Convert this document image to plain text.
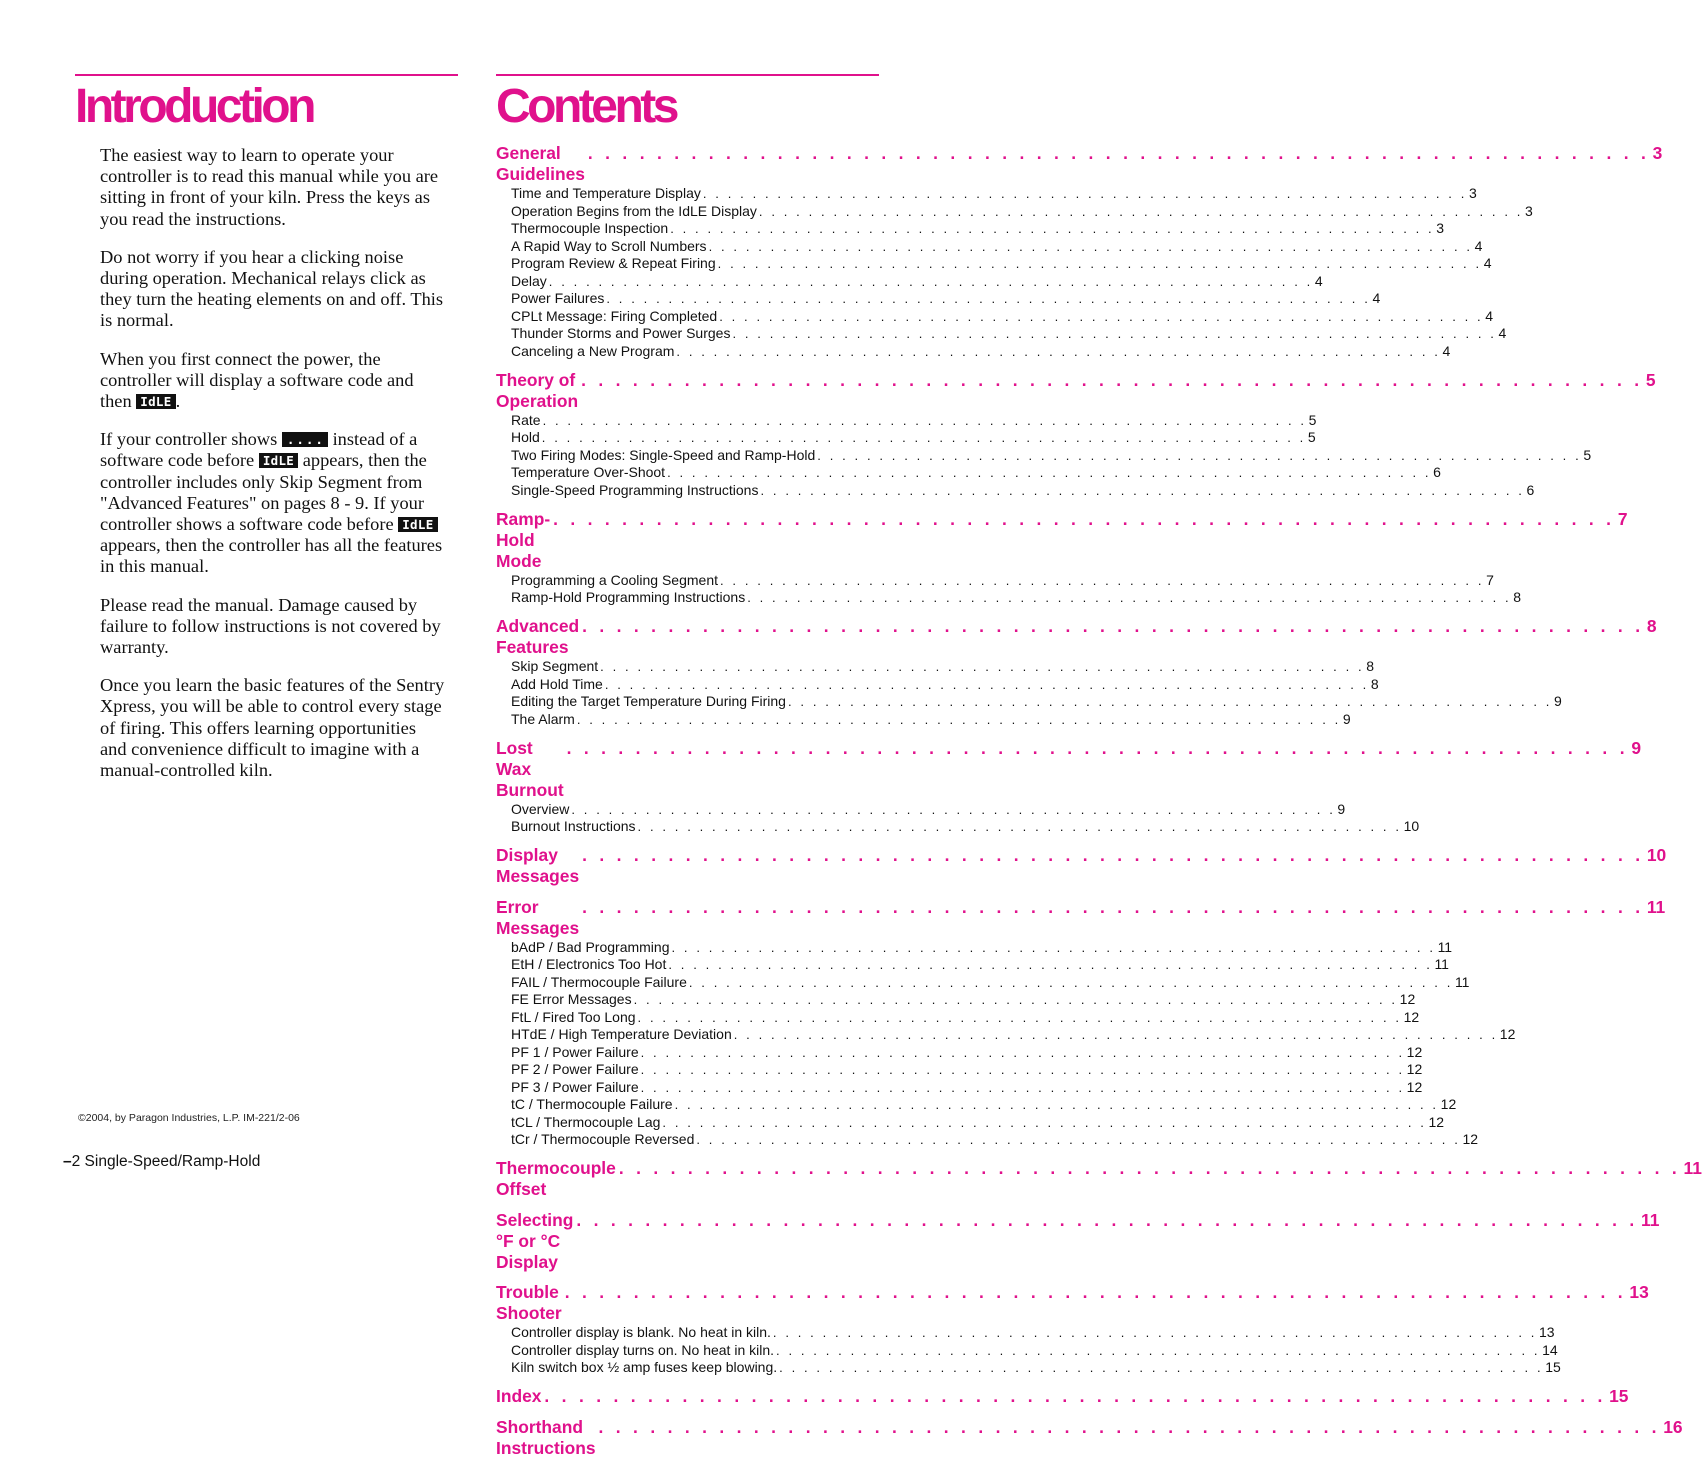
Introduction

The easiest way to learn to operate your controller is to read this manual while you are sitting in front of your kiln. Press the keys as you read the instructions.

Do not worry if you hear a clicking noise during operation. Mechanical relays click as they turn the heating elements on and off. This is normal.

When you first connect the power, the controller will display a software code and then IdLE .

If your controller shows .... instead of a software code before IdLE appears, then the controller includes only Skip Segment from "Advanced Features" on pages 8 - 9. If your controller shows a software code before IdLE appears, then the controller has all the features in this manual.

Please read the manual. Damage caused by failure to follow instructions is not covered by warranty.

Once you learn the basic features of the Sentry Xpress, you will be able to control every stage of firing. This offers learning opportunities and convenience difficult to imagine with a manual-controlled kiln.

©2004, by Paragon Industries, L.P. IM-221/2-06
–2 Single-Speed/Ramp-Hold
Contents
General Guidelines
. . . . . . . . . . . . . . . . . . . . . . . . . . . . . . . . . . . . . . . . . . . . . . . . . . . . . . . . . . . . . . 3
Time and Temperature Display . . . . . . . . . . . . . . . . . . . . . . . . . . . . . . . . . . . . . . . . . . . . . . . . . . . . . . . . . . . . . . 3
Operation Begins from the IdLE Display . . . . . . . . . . . . . . . . . . . . . . . . . . . . . . . . . . . . . . . . . . . . . . . . . . . . . . . . . . . . . . 3
Thermocouple Inspection . . . . . . . . . . . . . . . . . . . . . . . . . . . . . . . . . . . . . . . . . . . . . . . . . . . . . . . . . . . . . . 3
A Rapid Way to Scroll Numbers . . . . . . . . . . . . . . . . . . . . . . . . . . . . . . . . . . . . . . . . . . . . . . . . . . . . . . . . . . . . . . 4
Program Review & Repeat Firing . . . . . . . . . . . . . . . . . . . . . . . . . . . . . . . . . . . . . . . . . . . . . . . . . . . . . . . . . . . . . . 4
Delay . . . . . . . . . . . . . . . . . . . . . . . . . . . . . . . . . . . . . . . . . . . . . . . . . . . . . . . . . . . . . . 4
Power Failures . . . . . . . . . . . . . . . . . . . . . . . . . . . . . . . . . . . . . . . . . . . . . . . . . . . . . . . . . . . . . . 4
CPLt Message: Firing Completed . . . . . . . . . . . . . . . . . . . . . . . . . . . . . . . . . . . . . . . . . . . . . . . . . . . . . . . . . . . . . . 4
Thunder Storms and Power Surges . . . . . . . . . . . . . . . . . . . . . . . . . . . . . . . . . . . . . . . . . . . . . . . . . . . . . . . . . . . . . . 4
Canceling a New Program . . . . . . . . . . . . . . . . . . . . . . . . . . . . . . . . . . . . . . . . . . . . . . . . . . . . . . . . . . . . . . 4
Theory of Operation
. . . . . . . . . . . . . . . . . . . . . . . . . . . . . . . . . . . . . . . . . . . . . . . . . . . . . . . . . . . . . . 5
Rate . . . . . . . . . . . . . . . . . . . . . . . . . . . . . . . . . . . . . . . . . . . . . . . . . . . . . . . . . . . . . . 5
Hold . . . . . . . . . . . . . . . . . . . . . . . . . . . . . . . . . . . . . . . . . . . . . . . . . . . . . . . . . . . . . . 5
Two Firing Modes: Single-Speed and Ramp-Hold . . . . . . . . . . . . . . . . . . . . . . . . . . . . . . . . . . . . . . . . . . . . . . . . . . . . . . . . . . . . . . 5
Temperature Over-Shoot . . . . . . . . . . . . . . . . . . . . . . . . . . . . . . . . . . . . . . . . . . . . . . . . . . . . . . . . . . . . . . 6
Single-Speed Programming Instructions . . . . . . . . . . . . . . . . . . . . . . . . . . . . . . . . . . . . . . . . . . . . . . . . . . . . . . . . . . . . . . 6
Ramp-Hold Mode
. . . . . . . . . . . . . . . . . . . . . . . . . . . . . . . . . . . . . . . . . . . . . . . . . . . . . . . . . . . . . . 7
Programming a Cooling Segment . . . . . . . . . . . . . . . . . . . . . . . . . . . . . . . . . . . . . . . . . . . . . . . . . . . . . . . . . . . . . . 7
Ramp-Hold Programming Instructions . . . . . . . . . . . . . . . . . . . . . . . . . . . . . . . . . . . . . . . . . . . . . . . . . . . . . . . . . . . . . . 8
Advanced Features
. . . . . . . . . . . . . . . . . . . . . . . . . . . . . . . . . . . . . . . . . . . . . . . . . . . . . . . . . . . . . . 8
Skip Segment . . . . . . . . . . . . . . . . . . . . . . . . . . . . . . . . . . . . . . . . . . . . . . . . . . . . . . . . . . . . . . 8
Add Hold Time . . . . . . . . . . . . . . . . . . . . . . . . . . . . . . . . . . . . . . . . . . . . . . . . . . . . . . . . . . . . . . 8
Editing the Target Temperature During Firing . . . . . . . . . . . . . . . . . . . . . . . . . . . . . . . . . . . . . . . . . . . . . . . . . . . . . . . . . . . . . . 9
The Alarm . . . . . . . . . . . . . . . . . . . . . . . . . . . . . . . . . . . . . . . . . . . . . . . . . . . . . . . . . . . . . . 9
Lost Wax Burnout
. . . . . . . . . . . . . . . . . . . . . . . . . . . . . . . . . . . . . . . . . . . . . . . . . . . . . . . . . . . . . . 9
Overview . . . . . . . . . . . . . . . . . . . . . . . . . . . . . . . . . . . . . . . . . . . . . . . . . . . . . . . . . . . . . . 9
Burnout Instructions . . . . . . . . . . . . . . . . . . . . . . . . . . . . . . . . . . . . . . . . . . . . . . . . . . . . . . . . . . . . . . 10
Display Messages
. . . . . . . . . . . . . . . . . . . . . . . . . . . . . . . . . . . . . . . . . . . . . . . . . . . . . . . . . . . . . . 10
Error Messages
. . . . . . . . . . . . . . . . . . . . . . . . . . . . . . . . . . . . . . . . . . . . . . . . . . . . . . . . . . . . . . 11
bAdP / Bad Programming . . . . . . . . . . . . . . . . . . . . . . . . . . . . . . . . . . . . . . . . . . . . . . . . . . . . . . . . . . . . . . 11
EtH / Electronics Too Hot . . . . . . . . . . . . . . . . . . . . . . . . . . . . . . . . . . . . . . . . . . . . . . . . . . . . . . . . . . . . . . 11
FAIL / Thermocouple Failure . . . . . . . . . . . . . . . . . . . . . . . . . . . . . . . . . . . . . . . . . . . . . . . . . . . . . . . . . . . . . . 11
FE Error Messages . . . . . . . . . . . . . . . . . . . . . . . . . . . . . . . . . . . . . . . . . . . . . . . . . . . . . . . . . . . . . . 12
FtL / Fired Too Long . . . . . . . . . . . . . . . . . . . . . . . . . . . . . . . . . . . . . . . . . . . . . . . . . . . . . . . . . . . . . . 12
HTdE / High Temperature Deviation . . . . . . . . . . . . . . . . . . . . . . . . . . . . . . . . . . . . . . . . . . . . . . . . . . . . . . . . . . . . . . 12
PF 1 / Power Failure . . . . . . . . . . . . . . . . . . . . . . . . . . . . . . . . . . . . . . . . . . . . . . . . . . . . . . . . . . . . . . 12
PF 2 / Power Failure . . . . . . . . . . . . . . . . . . . . . . . . . . . . . . . . . . . . . . . . . . . . . . . . . . . . . . . . . . . . . . 12
PF 3 / Power Failure . . . . . . . . . . . . . . . . . . . . . . . . . . . . . . . . . . . . . . . . . . . . . . . . . . . . . . . . . . . . . . 12
tC / Thermocouple Failure . . . . . . . . . . . . . . . . . . . . . . . . . . . . . . . . . . . . . . . . . . . . . . . . . . . . . . . . . . . . . . 12
tCL / Thermocouple Lag . . . . . . . . . . . . . . . . . . . . . . . . . . . . . . . . . . . . . . . . . . . . . . . . . . . . . . . . . . . . . . 12
tCr / Thermocouple Reversed . . . . . . . . . . . . . . . . . . . . . . . . . . . . . . . . . . . . . . . . . . . . . . . . . . . . . . . . . . . . . . 12
Thermocouple Offset
. . . . . . . . . . . . . . . . . . . . . . . . . . . . . . . . . . . . . . . . . . . . . . . . . . . . . . . . . . . . . . 11
Selecting °F or °C Display
. . . . . . . . . . . . . . . . . . . . . . . . . . . . . . . . . . . . . . . . . . . . . . . . . . . . . . . . . . . . . . 11
Trouble Shooter
. . . . . . . . . . . . . . . . . . . . . . . . . . . . . . . . . . . . . . . . . . . . . . . . . . . . . . . . . . . . . . 13
Controller display is blank. No heat in kiln. . . . . . . . . . . . . . . . . . . . . . . . . . . . . . . . . . . . . . . . . . . . . . . . . . . . . . . . . . . . . . . 13
Controller display turns on. No heat in kiln. . . . . . . . . . . . . . . . . . . . . . . . . . . . . . . . . . . . . . . . . . . . . . . . . . . . . . . . . . . . . . . 14
Kiln switch box ½ amp fuses keep blowing. . . . . . . . . . . . . . . . . . . . . . . . . . . . . . . . . . . . . . . . . . . . . . . . . . . . . . . . . . . . . . . 15
Index . . . . . . . . . . . . . . . . . . . . . . . . . . . . . . . . . . . . . . . . . . . . . . . . . . . . . . . . . . . . . . 15
Shorthand Instructions
. . . . . . . . . . . . . . . . . . . . . . . . . . . . . . . . . . . . . . . . . . . . . . . . . . . . . . . . . . . . . . 16
